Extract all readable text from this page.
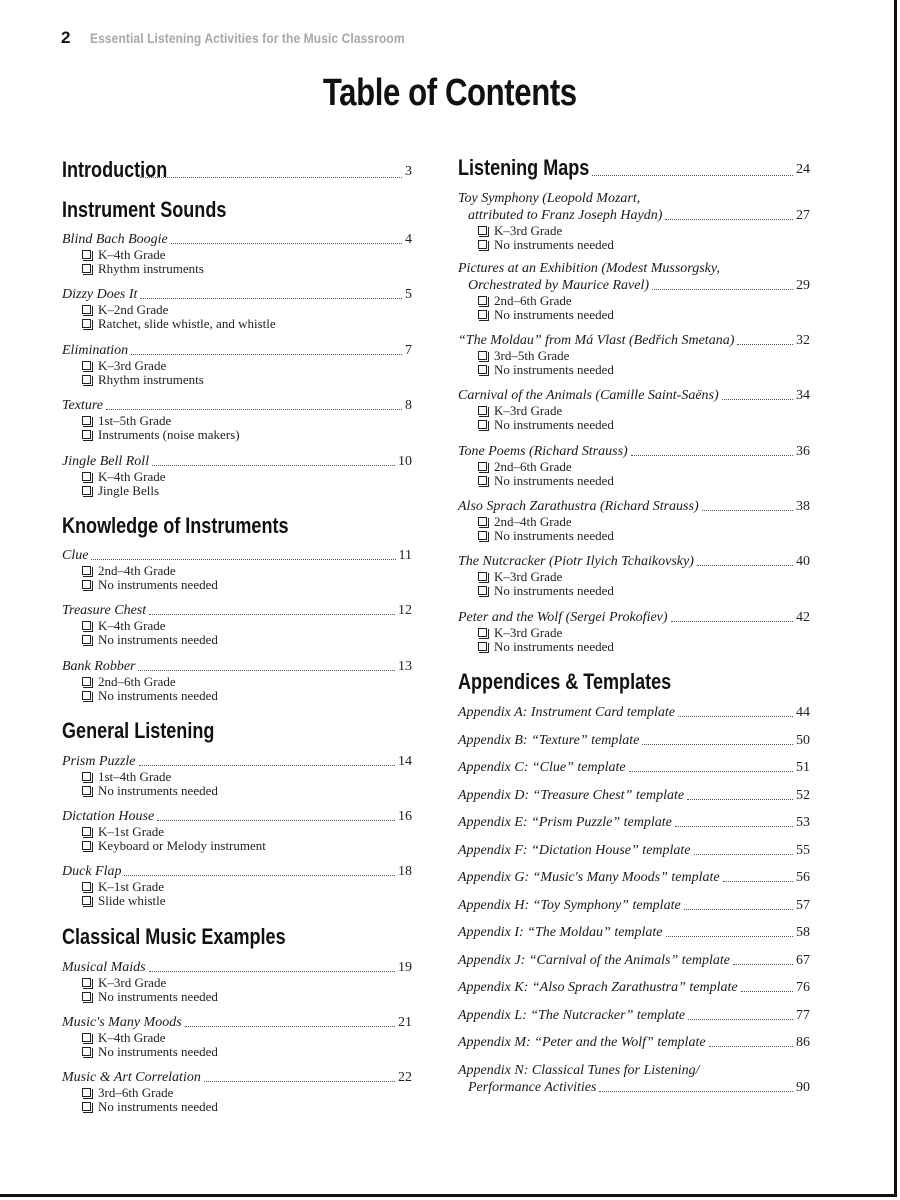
2 Essential Listening Activities for the Music Classroom
Table of Contents
Introduction	3
Instrument Sounds
Blind Bach Boogie	4
K–4th Grade
Rhythm instruments
Dizzy Does It	5
K–2nd Grade
Ratchet, slide whistle, and whistle
Elimination	7
K–3rd Grade
Rhythm instruments
Texture	8
1st–5th Grade
Instruments (noise makers)
Jingle Bell Roll	10
K–4th Grade
Jingle Bells
Knowledge of Instruments
Clue	11
2nd–4th Grade
No instruments needed
Treasure Chest	12
K–4th Grade
No instruments needed
Bank Robber	13
2nd–6th Grade
No instruments needed
General Listening
Prism Puzzle	14
1st–4th Grade
No instruments needed
Dictation House	16
K–1st Grade
Keyboard or Melody instrument
Duck Flap	18
K–1st Grade
Slide whistle
Classical Music Examples
Musical Maids	19
K–3rd Grade
No instruments needed
Music's Many Moods	21
K–4th Grade
No instruments needed
Music & Art Correlation	22
3rd–6th Grade
No instruments needed
Listening Maps	24
Toy Symphony (Leopold Mozart,
attributed to Franz Joseph Haydn)	27
K–3rd Grade
No instruments needed
Pictures at an Exhibition (Modest Mussorgsky,
Orchestrated by Maurice Ravel)	29
2nd–6th Grade
No instruments needed
“The Moldau” from Má Vlast (Bedřich Smetana)	32
3rd–5th Grade
No instruments needed
Carnival of the Animals (Camille Saint-Saëns)	34
K–3rd Grade
No instruments needed
Tone Poems (Richard Strauss)	36
2nd–6th Grade
No instruments needed
Also Sprach Zarathustra (Richard Strauss)	38
2nd–4th Grade
No instruments needed
The Nutcracker (Piotr Ilyich Tchaikovsky)	40
K–3rd Grade
No instruments needed
Peter and the Wolf (Sergei Prokofiev)	42
K–3rd Grade
No instruments needed
Appendices & Templates
Appendix A: Instrument Card template	44
Appendix B: “Texture” template	50
Appendix C: “Clue” template	51
Appendix D: “Treasure Chest” template	52
Appendix E: “Prism Puzzle” template	53
Appendix F: “Dictation House” template	55
Appendix G: “Music's Many Moods” template	56
Appendix H: “Toy Symphony” template	57
Appendix I: “The Moldau” template	58
Appendix J: “Carnival of the Animals” template	67
Appendix K: “Also Sprach Zarathustra” template	76
Appendix L: “The Nutcracker” template	77
Appendix M: “Peter and the Wolf” template	86
Appendix N: Classical Tunes for Listening/
Performance Activities	90
